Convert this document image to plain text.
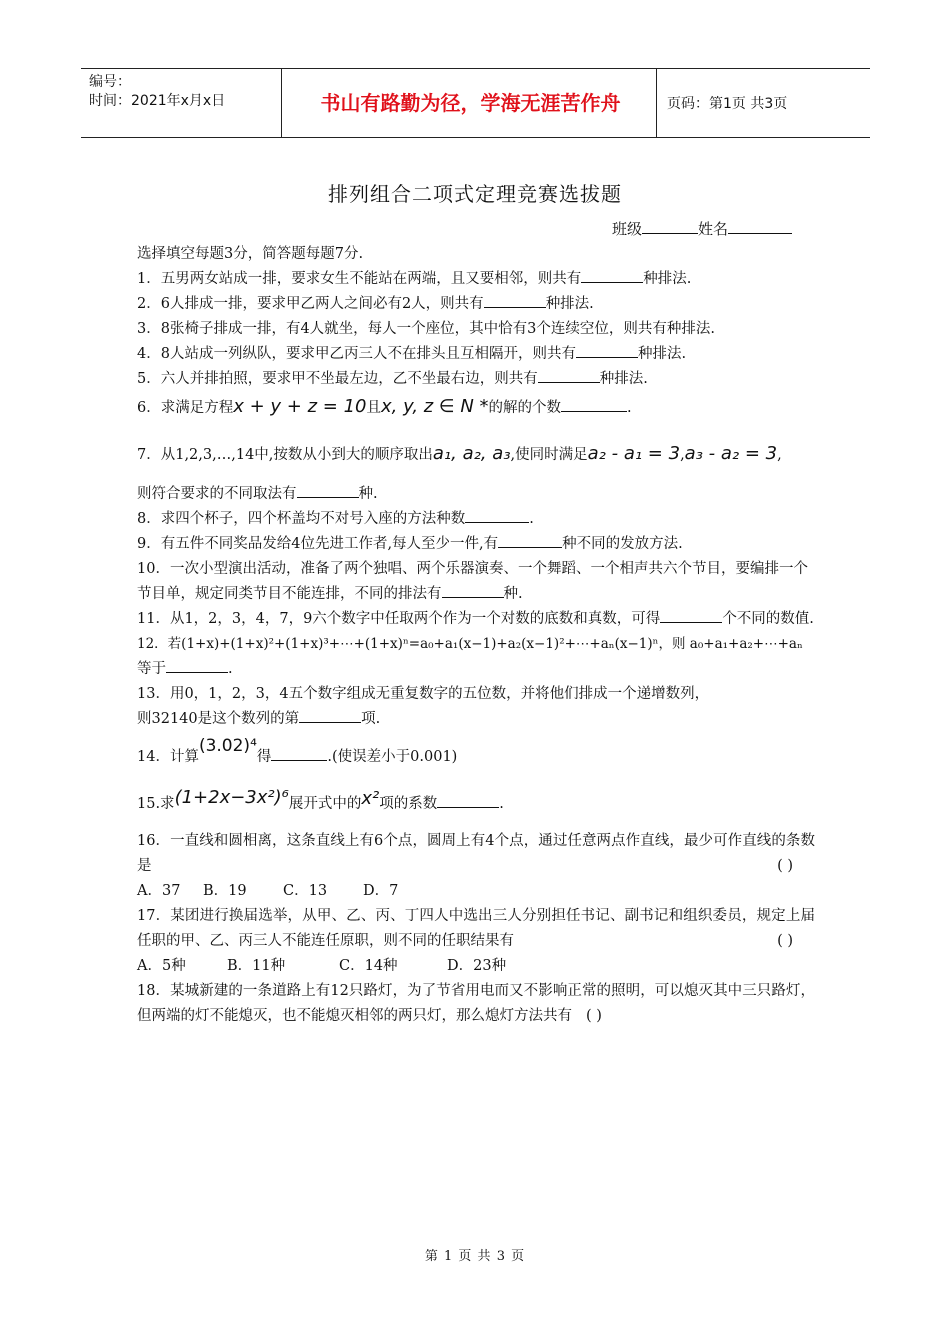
编号：
时间：2021年x月x日	书山有路勤为径，学海无涯苦作舟	页码：第1页 共3页
排列组合二项式定理竞赛选拔题
班级	姓名

选择填空每题3分，简答题每题7分.

1．五男两女站成一排，要求女生不能站在两端，且又要相邻，则共有	种排法.

2．6人排成一排，要求甲乙两人之间必有2人，则共有	种排法.

3．8张椅子排成一排，有4人就坐，每人一个座位，其中恰有3个连续空位，则共有种排法.

4．8人站成一列纵队，要求甲乙丙三人不在排头且互相隔开，则共有	种排法.

5．六人并排拍照，要求甲不坐最左边，乙不坐最右边，则共有	种排法.

6．求满足方程x + y + z = 10且x, y, z ∈ N *的解的个数	.

7．从1,2,3,…,14中,按数从小到大的顺序取出a₁, a₂, a₃,使同时满足a₂ - a₁ = 3,a₃ - a₂ = 3,

则符合要求的不同取法有	种.

8．求四个杯子，四个杯盖均不对号入座的方法种数	.

9．有五件不同奖品发给4位先进工作者,每人至少一件,有	种不同的发放方法.

10．一次小型演出活动，准备了两个独唱、两个乐器演奏、一个舞蹈、一个相声共六个节目，要编排一个节目单，规定同类节目不能连排，不同的排法有	种.

11．从1，2，3，4，7，9六个数字中任取两个作为一个对数的底数和真数，可得	个不同的数值.

12．若(1+x)+(1+x)²+(1+x)³+⋯+(1+x)ⁿ=a₀+a₁(x−1)+a₂(x−1)²+⋯+aₙ(x−1)ⁿ，则 a₀+a₁+a₂+⋯+aₙ

等于	.

13．用0，1，2，3，4五个数字组成无重复数字的五位数，并将他们排成一个递增数列，

则32140是这个数列的第	项.

14．计算(3.02)⁴得	.(使误差小于0.001)

15.求(1+2x−3x²)⁶展开式中的x²项的系数	.

16．一直线和圆相离，这条直线上有6个点，圆周上有4个点，通过任意两点作直线，最少可作直线的条数是	( )

A．37 B．19	C．13 D．7

17．某团进行换届选举，从甲、乙、丙、丁四人中选出三人分别担任书记、副书记和组织委员，规定上届任职的甲、乙、丙三人不能连任原职，则不同的任职结果有	( )

A．5种	B．11种	C．14种	D．23种

18．某城新建的一条道路上有12只路灯，为了节省用电而又不影响正常的照明，可以熄灭其中三只路灯，但两端的灯不能熄灭，也不能熄灭相邻的两只灯，那么熄灯方法共有 ( )

第 1 页 共 3 页
